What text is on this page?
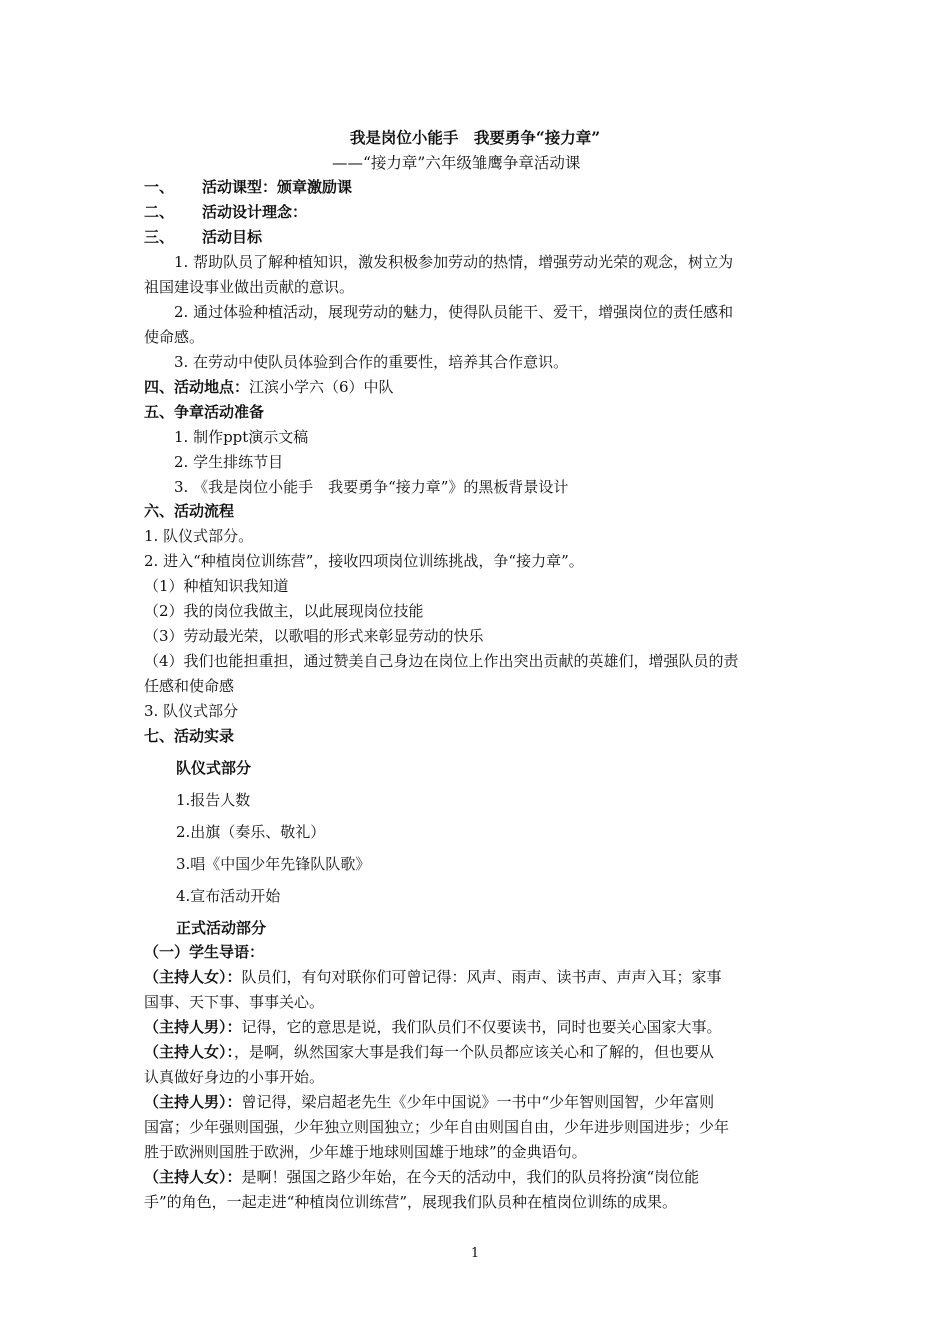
我是岗位小能手　我要勇争“接力章”
——“接力章”六年级雏鹰争章活动课
一、 活动课型：颁章激励课
二、 活动设计理念：
三、 活动目标
1. 帮助队员了解种植知识，激发积极参加劳动的热情，增强劳动光荣的观念，树立为
祖国建设事业做出贡献的意识。
2. 通过体验种植活动，展现劳动的魅力，使得队员能干、爱干，增强岗位的责任感和
使命感。
3. 在劳动中使队员体验到合作的重要性，培养其合作意识。
四、活动地点：江滨小学六（6）中队
五、争章活动准备
1. 制作ppt演示文稿
2. 学生排练节目
3. 《我是岗位小能手　我要勇争“接力章”》的黑板背景设计
六、活动流程
1. 队仪式部分。
2. 进入“种植岗位训练营”，接收四项岗位训练挑战，争“接力章”。
（1）种植知识我知道
（2）我的岗位我做主，以此展现岗位技能
（3）劳动最光荣，以歌唱的形式来彰显劳动的快乐
（4）我们也能担重担，通过赞美自己身边在岗位上作出突出贡献的英雄们，增强队员的责
任感和使命感
3. 队仪式部分
七、活动实录
队仪式部分
1.报告人数
2.出旗（奏乐、敬礼）
3.唱《中国少年先锋队队歌》
4.宣布活动开始
正式活动部分
（一）学生导语：
（主持人女）：队员们，有句对联你们可曾记得：风声、雨声、读书声、声声入耳；家事
国事、天下事、事事关心。
（主持人男）：记得，它的意思是说，我们队员们不仅要读书，同时也要关心国家大事。
（主持人女）：，是啊，纵然国家大事是我们每一个队员都应该关心和了解的，但也要从
认真做好身边的小事开始。
（主持人男）：曾记得，梁启超老先生《少年中国说》一书中“少年智则国智，少年富则
国富；少年强则国强，少年独立则国独立；少年自由则国自由，少年进步则国进步；少年
胜于欧洲则国胜于欧洲，少年雄于地球则国雄于地球”的金典语句。
（主持人女）：是啊！强国之路少年始，在今天的活动中，我们的队员将扮演“岗位能
手”的角色，一起走进“种植岗位训练营”，展现我们队员种在植岗位训练的成果。
1
